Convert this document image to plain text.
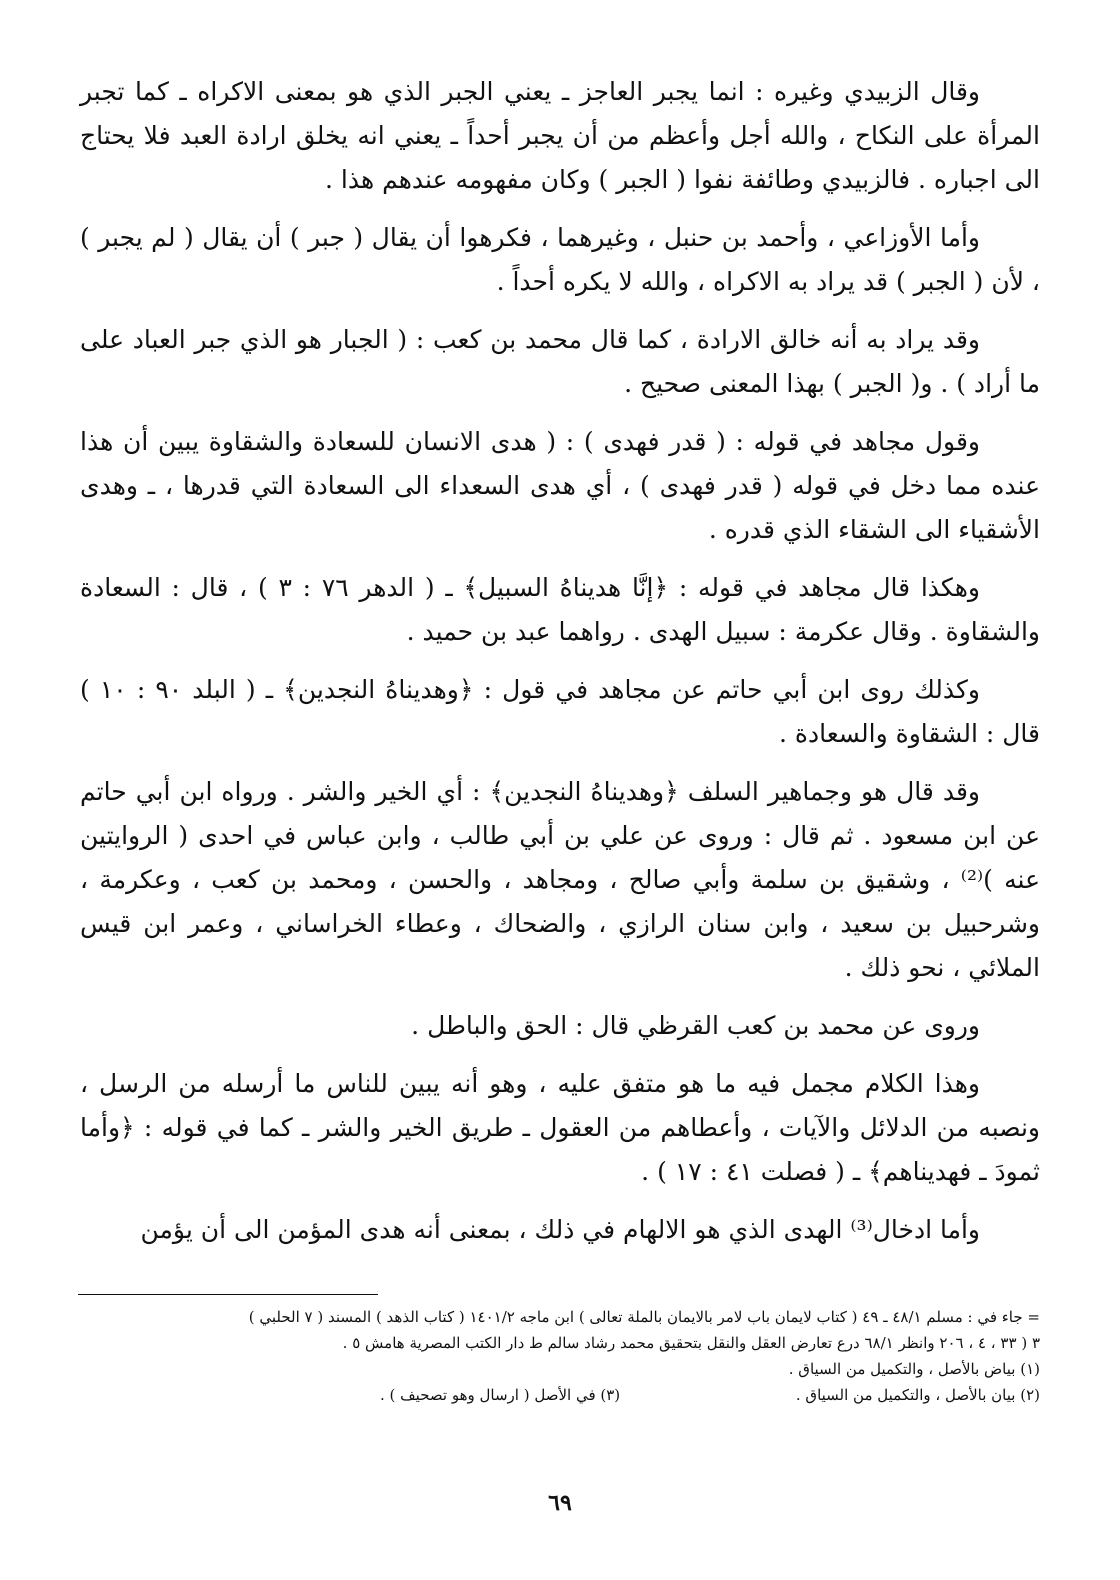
وقال الزبيدي وغيره : انما يجبر العاجز ـ يعني الجبر الذي هو بمعنى الاكراه ـ كما تجبر المرأة على النكاح ، والله أجل وأعظم من أن يجبر أحداً ـ يعني انه يخلق ارادة العبد فلا يحتاج الى اجباره . فالزبيدي وطائفة نفوا ( الجبر ) وكان مفهومه عندهم هذا .

وأما الأوزاعي ، وأحمد بن حنبل ، وغيرهما ، فكرهوا أن يقال ( جبر ) أن يقال ( لم يجبر ) ، لأن ( الجبر ) قد يراد به الاكراه ، والله لا يكره أحداً .

وقد يراد به أنه خالق الارادة ، كما قال محمد بن كعب : ( الجبار هو الذي جبر العباد على ما أراد ) . و( الجبر ) بهذا المعنى صحيح .

وقول مجاهد في قوله : ( قدر فهدى ) : ( هدى الانسان للسعادة والشقاوة يبين أن هذا عنده مما دخل في قوله ( قدر فهدى ) ، أي هدى السعداء الى السعادة التي قدرها ، ـ وهدى الأشقياء الى الشقاء الذي قدره .

وهكذا قال مجاهد في قوله : ﴿إنَّا هديناهُ السبيل﴾ ـ ( الدهر ٧٦ : ٣ ) ، قال : السعادة والشقاوة . وقال عكرمة : سبيل الهدى . رواهما عبد بن حميد .

وكذلك روى ابن أبي حاتم عن مجاهد في قول : ﴿وهديناهُ النجدين﴾ ـ ( البلد ٩٠ : ١٠ ) قال : الشقاوة والسعادة .

وقد قال هو وجماهير السلف ﴿وهديناهُ النجدين﴾ : أي الخير والشر . ورواه ابن أبي حاتم عن ابن مسعود . ثم قال : وروى عن علي بن أبي طالب ، وابن عباس في احدى ( الروايتين عنه )⁽²⁾ ، وشقيق بن سلمة وأبي صالح ، ومجاهد ، والحسن ، ومحمد بن كعب ، وعكرمة ، وشرحبيل بن سعيد ، وابن سنان الرازي ، والضحاك ، وعطاء الخراساني ، وعمر ابن قيس الملائي ، نحو ذلك .

وروى عن محمد بن كعب القرظي قال : الحق والباطل .

وهذا الكلام مجمل فيه ما هو متفق عليه ، وهو أنه يبين للناس ما أرسله من الرسل ، ونصبه من الدلائل والآيات ، وأعطاهم من العقول ـ طريق الخير والشر ـ كما في قوله : ﴿وأما ثمودَ ـ فهديناهم﴾ ـ ( فصلت ٤١ : ١٧ ) .

وأما ادخال⁽³⁾ الهدى الذي هو الالهام في ذلك ، بمعنى أنه هدى المؤمن الى أن يؤمن

= جاء في : مسلم ٤٨/١ ـ ٤٩ ( كتاب لايمان باب لامر بالايمان بالملة تعالى ) ابن ماجه ١٤٠١/٢ ( كتاب الذهد ) المسند ( ٧ الحلبي )
٣ ( ٣٣ ، ٤ ، ٢٠٦ وانظر ٦٨/١ درع تعارض العقل والنقل بتحقيق محمد رشاد سالم ط دار الكتب المصرية هامش ٥ .
(١) بياض بالأصل ، والتكميل من السياق .
(٢) بيان بالأصل ، والتكميل من السياق .
(٣) في الأصل ( ارسال وهو تصحيف ) .
٦٩
